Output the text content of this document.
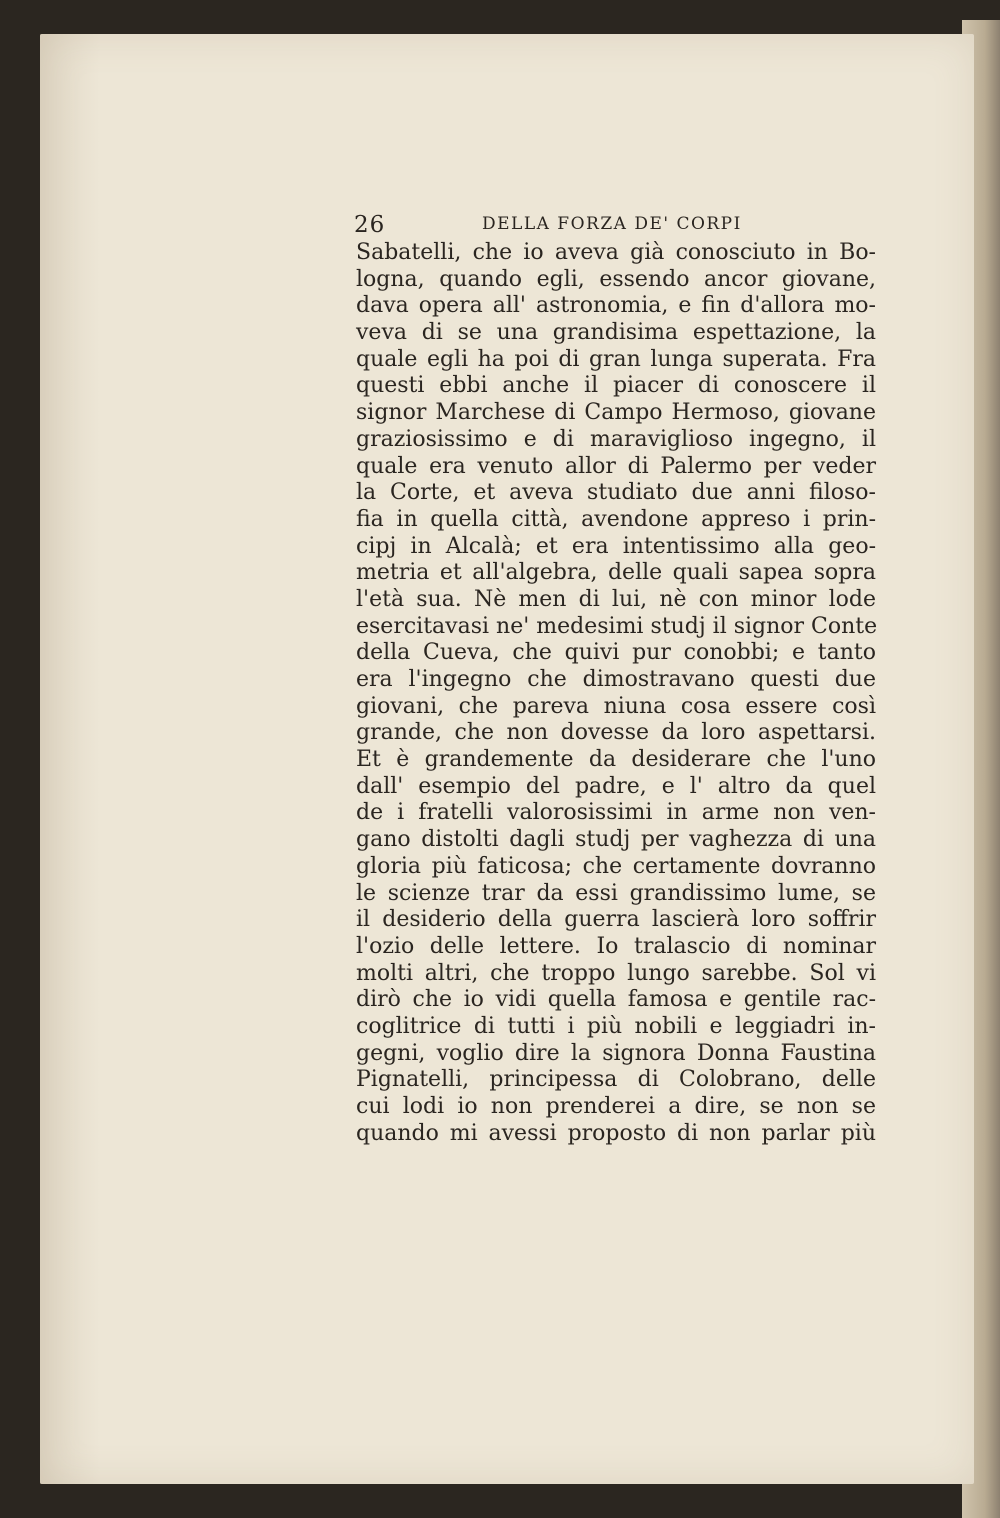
26	DELLA FORZA DE' CORPI
Sabatelli, che io aveva già conosciuto in Bo-
logna, quando egli, essendo ancor giovane,
dava opera all' astronomia, e fin d'allora mo-
veva di se una grandisima espettazione, la
quale egli ha poi di gran lunga superata. Fra
questi ebbi anche il piacer di conoscere il
signor Marchese di Campo Hermoso, giovane
graziosissimo e di maraviglioso ingegno, il
quale era venuto allor di Palermo per veder
la Corte, et aveva studiato due anni filoso-
fia in quella città, avendone appreso i prin-
cipj in Alcalà; et era intentissimo alla geo-
metria et all'algebra, delle quali sapea sopra
l'età sua. Nè men di lui, nè con minor lode
esercitavasi ne' medesimi studj il signor Conte
della Cueva, che quivi pur conobbi; e tanto
era l'ingegno che dimostravano questi due
giovani, che pareva niuna cosa essere così
grande, che non dovesse da loro aspettarsi.
Et è grandemente da desiderare che l'uno
dall' esempio del padre, e l' altro da quel
de i fratelli valorosissimi in arme non ven-
gano distolti dagli studj per vaghezza di una
gloria più faticosa; che certamente dovranno
le scienze trar da essi grandissimo lume, se
il desiderio della guerra lascierà loro soffrir
l'ozio delle lettere. Io tralascio di nominar
molti altri, che troppo lungo sarebbe. Sol vi
dirò che io vidi quella famosa e gentile rac-
coglitrice di tutti i più nobili e leggiadri in-
gegni, voglio dire la signora Donna Faustina
Pignatelli, principessa di Colobrano, delle
cui lodi io non prenderei a dire, se non se
quando mi avessi proposto di non parlar più
